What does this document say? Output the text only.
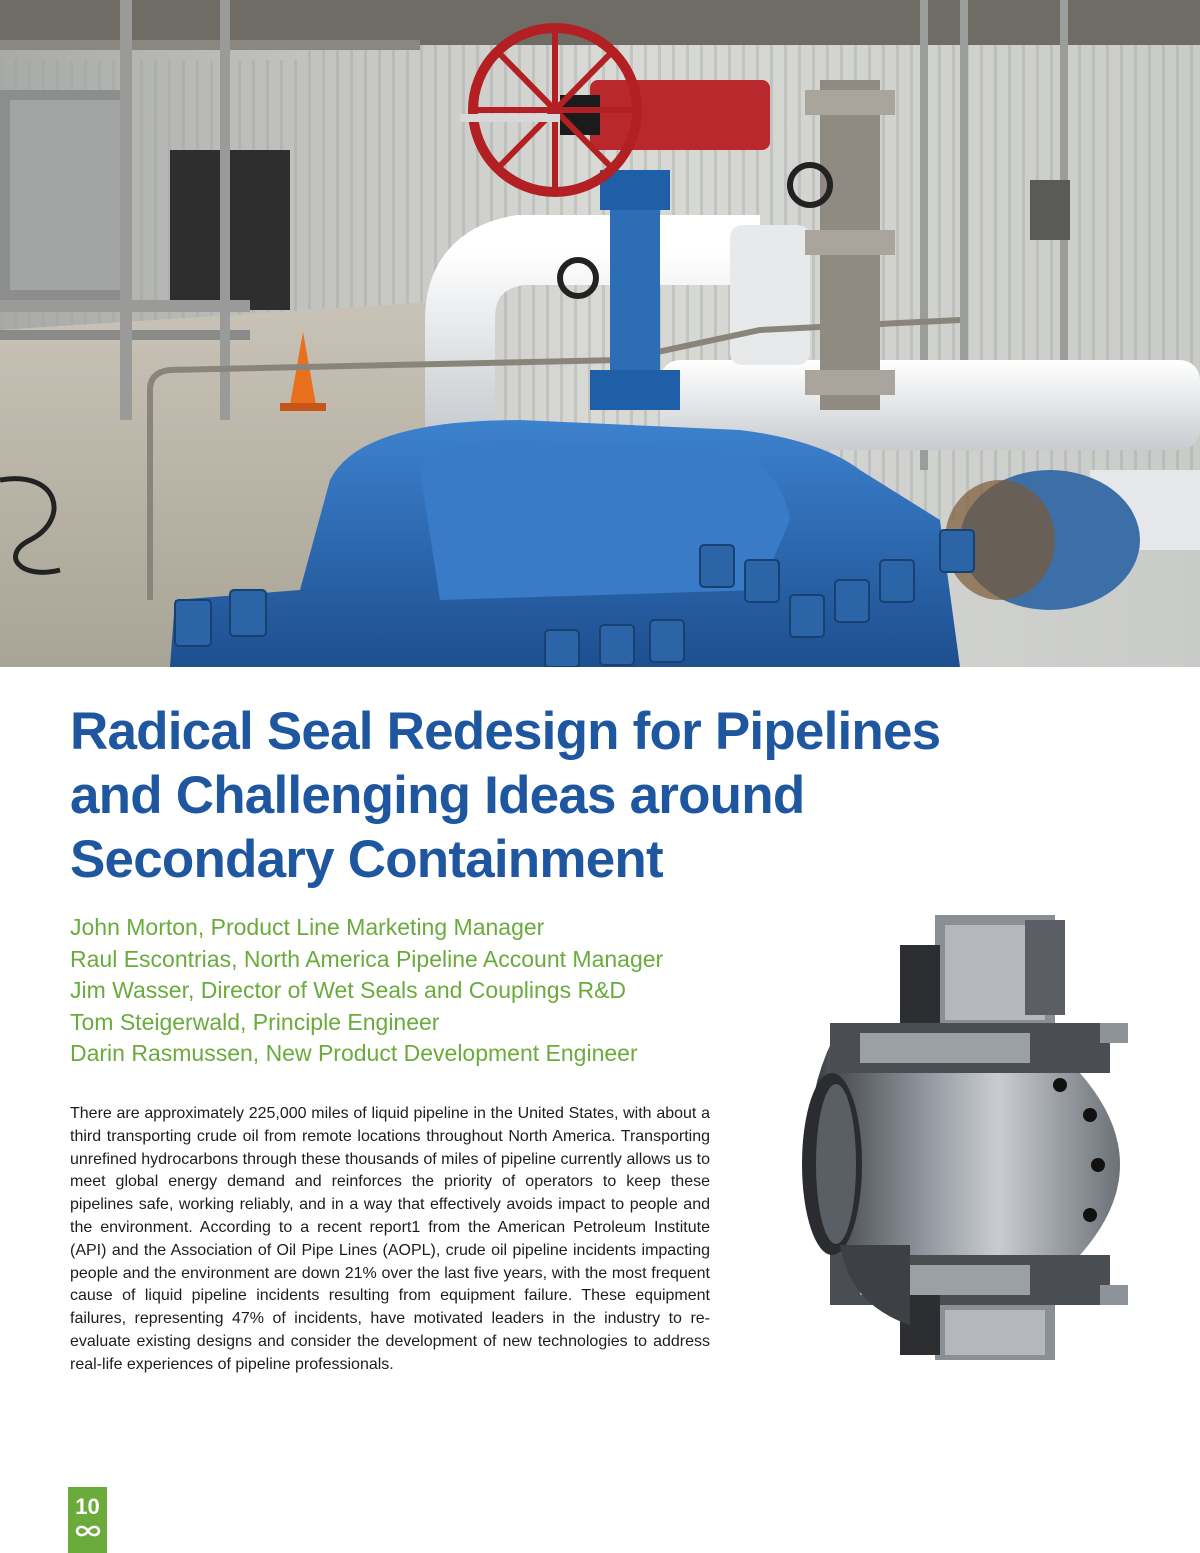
Radical Seal Redesign for Pipelines
and Challenging Ideas around
Secondary Containment
John Morton, Product Line Marketing Manager
Raul Escontrias, North America Pipeline Account Manager
Jim Wasser, Director of Wet Seals and Couplings R&D
Tom Steigerwald, Principle Engineer
Darin Rasmussen, New Product Development Engineer

There are approximately 225,000 miles of liquid pipeline in the United States, with about a third transporting crude oil from remote locations throughout North America. Transporting unrefined hydrocarbons through these thousands of miles of pipeline currently allows us to meet global energy demand and reinforces the priority of operators to keep these pipelines safe, working reliably, and in a way that effectively avoids impact to people and the environment. According to a recent report1 from the American Petroleum Institute (API) and the Association of Oil Pipe Lines (AOPL), crude oil pipeline incidents impacting people and the environment are down 21% over the last five years, with the most frequent cause of liquid pipeline incidents resulting from equipment failure. These equipment failures, representing 47% of incidents, have motivated leaders in the industry to re-evaluate existing designs and consider the development of new technologies to address real-life experiences of pipeline professionals.

10
